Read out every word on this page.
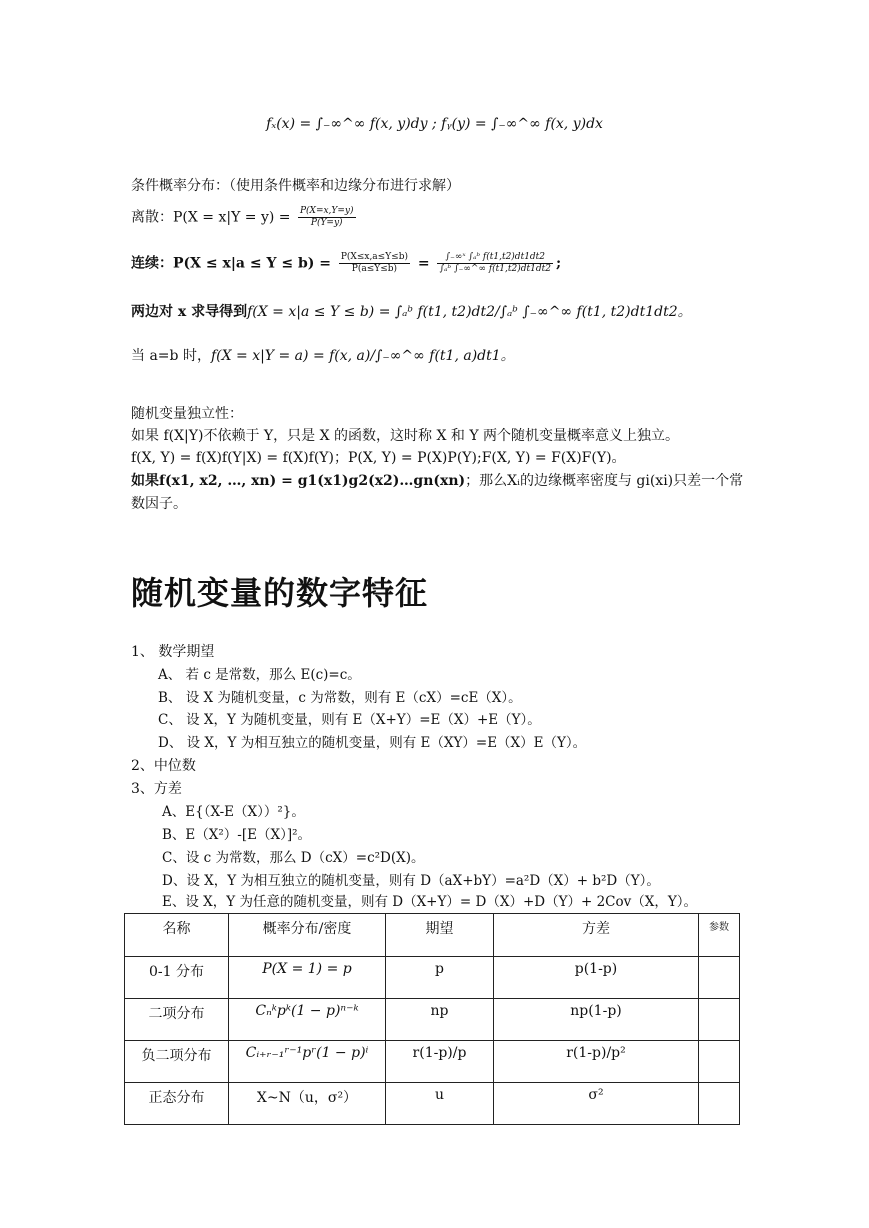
fₓ(x) = ∫₋∞^∞ f(x, y)dy ; fᵧ(y) = ∫₋∞^∞ f(x, y)dx
条件概率分布：（使用条件概率和边缘分布进行求解）
离散：$P(X = x|Y = y) = \frac{P(X=x,Y=y)}{P(Y=y)}$
连续：$P(X \le x|a \le Y \le b) = \frac{P(X\le x,a\le Y\le b)}{P(a\le Y\le b)} = \frac{\text{∫₋∞ˣ ∫ₐᵇ f(t1,t2)dt1dt2}}{\text{∫ₐᵇ ∫₋∞\textasciicircum{}∞ f(t1,t2)dt1dt2}}$ ;
两边对 x 求导得到f(X = x|a ≤ Y ≤ b) = ∫ₐᵇ f(t1, t2)dt2/∫ₐᵇ ∫₋∞^∞ f(t1, t2)dt1dt2。
当 a=b 时，f(X = x|Y = a) = f(x, a)/∫₋∞^∞ f(t1, a)dt1。
随机变量独立性：
如果 f(X|Y)不依赖于 Y，只是 X 的函数，这时称 X 和 Y 两个随机变量概率意义上独立。
f(X, Y) = f(X)f(Y|X) = f(X)f(Y)；P(X, Y) = P(X)P(Y);F(X, Y) = F(X)F(Y)。
如果f(x1, x2, …, xn) = g1(x1)g2(x2)…gn(xn)；那么Xᵢ的边缘概率密度与 gi(xi)只差一个常
数因子。
随机变量的数字特征
1、 数学期望
A、 若 c 是常数，那么 E(c)=c。
B、 设 X 为随机变量，c 为常数，则有 E（cX）=cE（X）。
C、 设 X，Y 为随机变量，则有 E（X+Y）=E（X）+E（Y）。
D、 设 X，Y 为相互独立的随机变量，则有 E（XY）=E（X）E（Y）。
2、中位数
3、方差
A、E{（X-E（X））²}。
B、E（X²）-[E（X）]²。
C、设 c 为常数，那么 D（cX）=c²D(X)。
D、设 X，Y 为相互独立的随机变量，则有 D（aX+bY）=a²D（X）+ b²D（Y）。
E、设 X，Y 为任意的随机变量，则有 D（X+Y）= D（X）+D（Y）+ 2Cov（X，Y）。
名称	概率分布/密度	期望	方差	参数
0-1 分布	P(X = 1) = p	p	p(1-p)	
二项分布	Cₙᵏpᵏ(1 − p)ⁿ⁻ᵏ	np	np(1-p)	
负二项分布	Cᵢ₊ᵣ₋₁ʳ⁻¹pʳ(1 − p)ⁱ	r(1-p)/p	r(1-p)/p²	
正态分布	X~N（u，σ²）	u	σ²	
